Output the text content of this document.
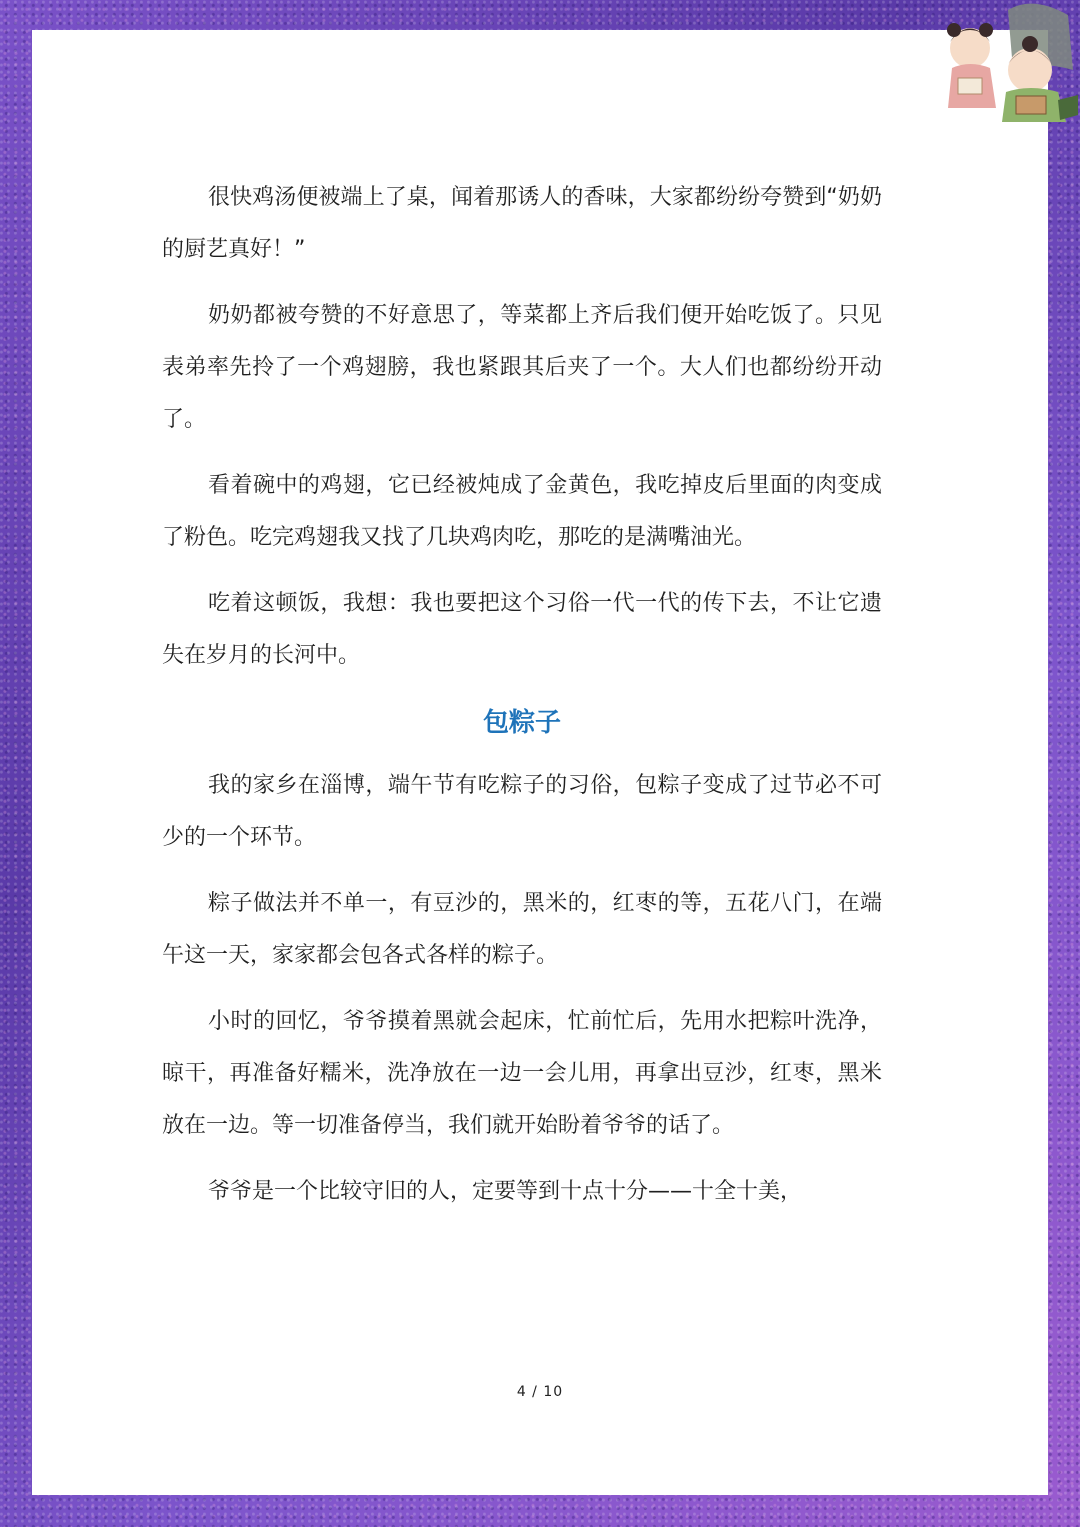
很快鸡汤便被端上了桌，闻着那诱人的香味，大家都纷纷夸赞到“奶奶的厨艺真好！”

奶奶都被夸赞的不好意思了，等菜都上齐后我们便开始吃饭了。只见表弟率先拎了一个鸡翅膀，我也紧跟其后夹了一个。大人们也都纷纷开动了。

看着碗中的鸡翅，它已经被炖成了金黄色，我吃掉皮后里面的肉变成了粉色。吃完鸡翅我又找了几块鸡肉吃，那吃的是满嘴油光。

吃着这顿饭，我想：我也要把这个习俗一代一代的传下去，不让它遗失在岁月的长河中。

包粽子

我的家乡在淄博，端午节有吃粽子的习俗，包粽子变成了过节必不可少的一个环节。

粽子做法并不单一，有豆沙的，黑米的，红枣的等，五花八门，在端午这一天，家家都会包各式各样的粽子。

小时的回忆，爷爷摸着黑就会起床，忙前忙后，先用水把粽叶洗净，晾干，再准备好糯米，洗净放在一边一会儿用，再拿出豆沙，红枣，黑米放在一边。等一切准备停当，我们就开始盼着爷爷的话了。

爷爷是一个比较守旧的人，定要等到十点十分——十全十美，

4 / 10
